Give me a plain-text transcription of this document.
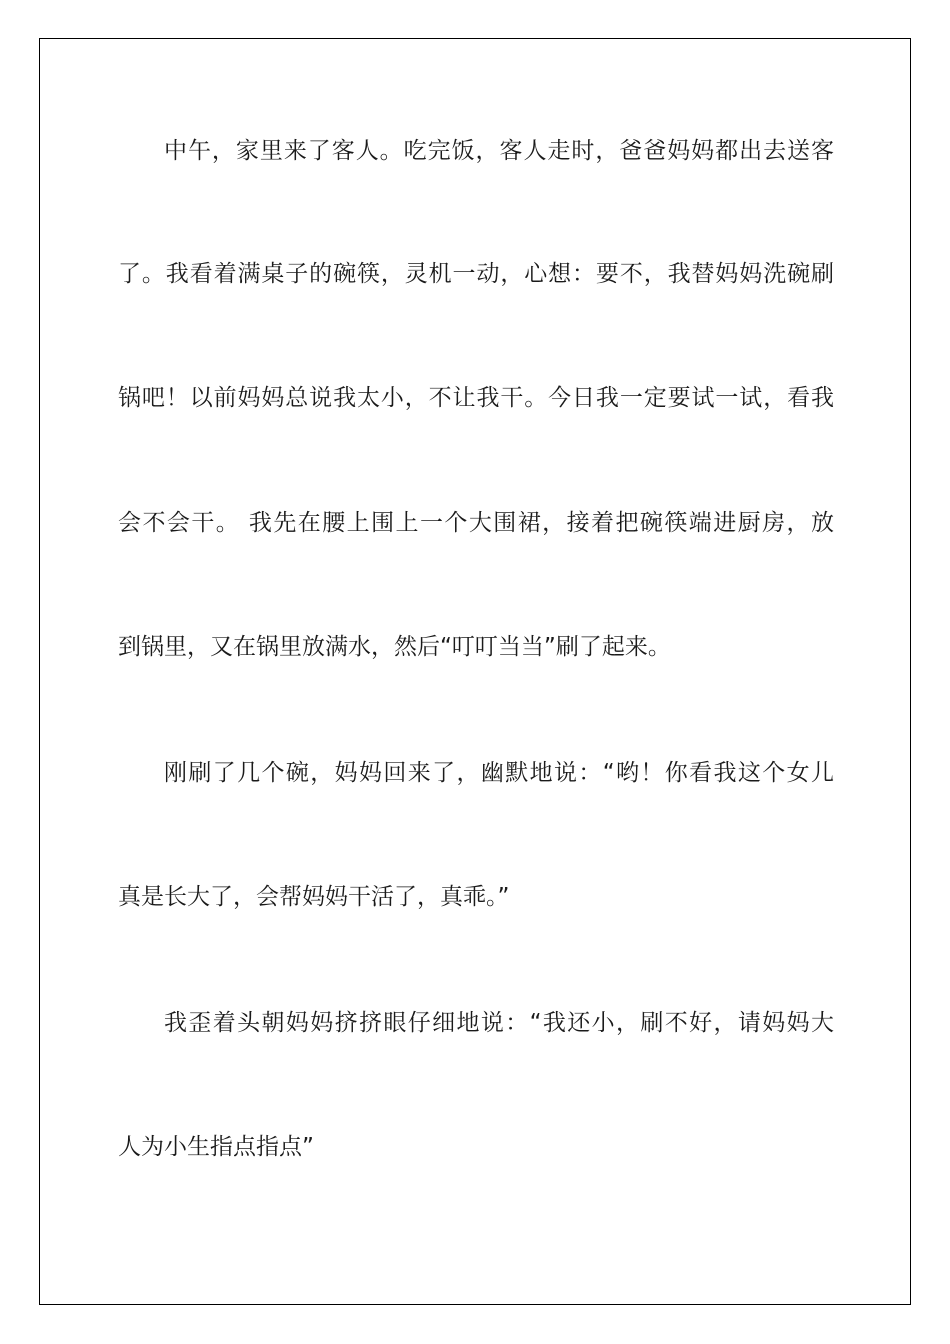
中午，家里来了客人。吃完饭，客人走时，爸爸妈妈都出去送客
了。我看着满桌子的碗筷，灵机一动，心想：要不，我替妈妈洗碗刷
锅吧！以前妈妈总说我太小，不让我干。今日我一定要试一试，看我
会不会干。 我先在腰上围上一个大围裙，接着把碗筷端进厨房，放
到锅里，又在锅里放满水，然后“叮叮当当”刷了起来。
刚刷了几个碗，妈妈回来了，幽默地说：“哟！你看我这个女儿
真是长大了，会帮妈妈干活了，真乖。”
我歪着头朝妈妈挤挤眼仔细地说：“我还小，刷不好，请妈妈大
人为小生指点指点”
